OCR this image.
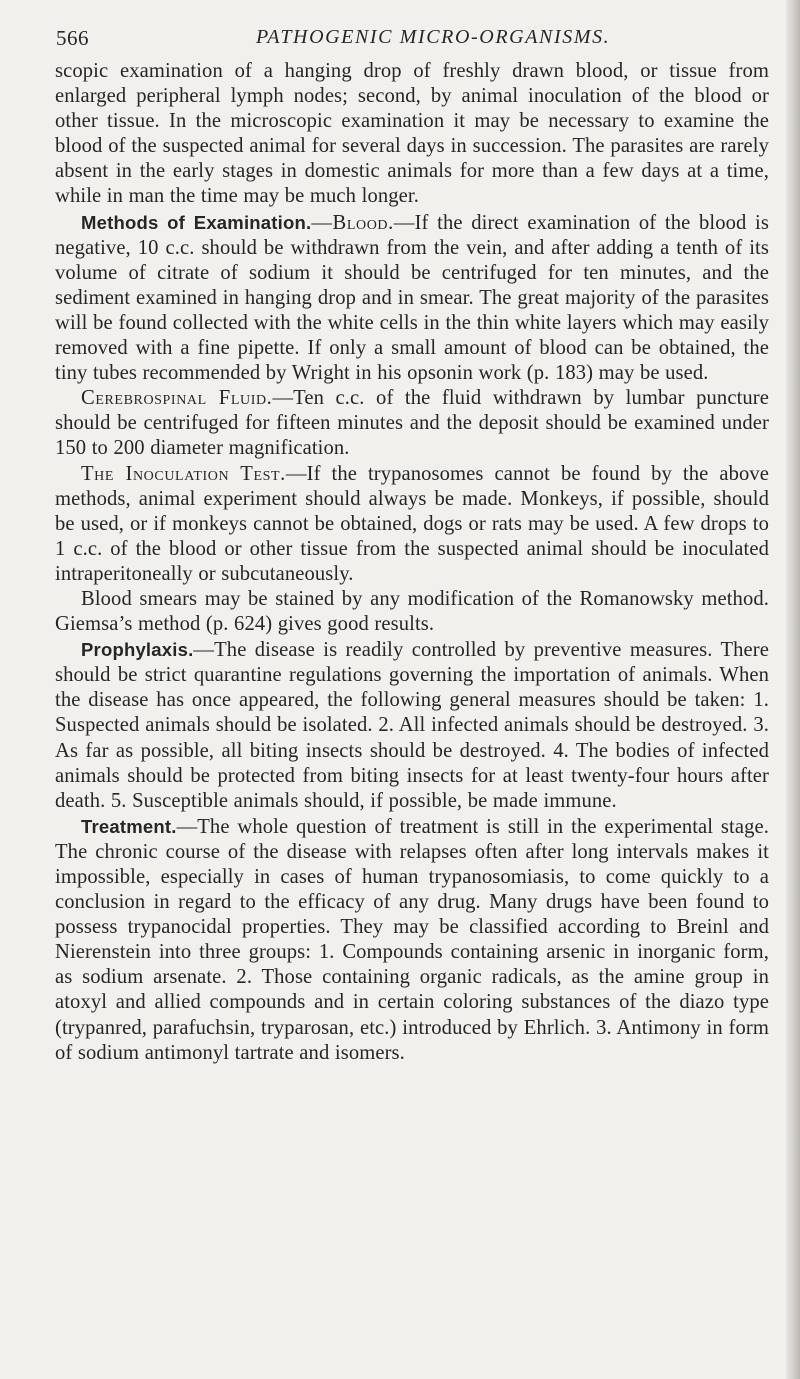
566	PATHOGENIC MICRO-ORGANISMS.

scopic examination of a hanging drop of freshly drawn blood, or tissue from enlarged peripheral lymph nodes; second, by animal inoculation of the blood or other tissue. In the microscopic examination it may be necessary to examine the blood of the suspected animal for several days in succession. The parasites are rarely absent in the early stages in domestic animals for more than a few days at a time, while in man the time may be much longer.

Methods of Examination.—Blood.—If the direct examination of the blood is negative, 10 c.c. should be withdrawn from the vein, and after adding a tenth of its volume of citrate of sodium it should be centrifuged for ten minutes, and the sediment examined in hanging drop and in smear. The great majority of the parasites will be found collected with the white cells in the thin white layers which may easily removed with a fine pipette. If only a small amount of blood can be obtained, the tiny tubes recommended by Wright in his opsonin work (p. 183) may be used.

Cerebrospinal Fluid.—Ten c.c. of the fluid withdrawn by lumbar puncture should be centrifuged for fifteen minutes and the deposit should be examined under 150 to 200 diameter magnification.

The Inoculation Test.—If the trypanosomes cannot be found by the above methods, animal experiment should always be made. Monkeys, if possible, should be used, or if monkeys cannot be obtained, dogs or rats may be used. A few drops to 1 c.c. of the blood or other tissue from the suspected animal should be inoculated intraperitoneally or subcutaneously.

Blood smears may be stained by any modification of the Romanowsky method. Giemsa’s method (p. 624) gives good results.

Prophylaxis.—The disease is readily controlled by preventive measures. There should be strict quarantine regulations governing the importation of animals. When the disease has once appeared, the following general measures should be taken: 1. Suspected animals should be isolated. 2. All infected animals should be destroyed. 3. As far as possible, all biting insects should be destroyed. 4. The bodies of infected animals should be protected from biting insects for at least twenty-four hours after death. 5. Susceptible animals should, if possible, be made immune.

Treatment.—The whole question of treatment is still in the experimental stage. The chronic course of the disease with relapses often after long intervals makes it impossible, especially in cases of human trypanosomiasis, to come quickly to a conclusion in regard to the efficacy of any drug. Many drugs have been found to possess trypanocidal properties. They may be classified according to Breinl and Nierenstein into three groups: 1. Compounds containing arsenic in inorganic form, as sodium arsenate. 2. Those containing organic radicals, as the amine group in atoxyl and allied compounds and in certain coloring substances of the diazo type (trypanred, parafuchsin, tryparosan, etc.) introduced by Ehrlich. 3. Antimony in form of sodium antimonyl tartrate and isomers.
